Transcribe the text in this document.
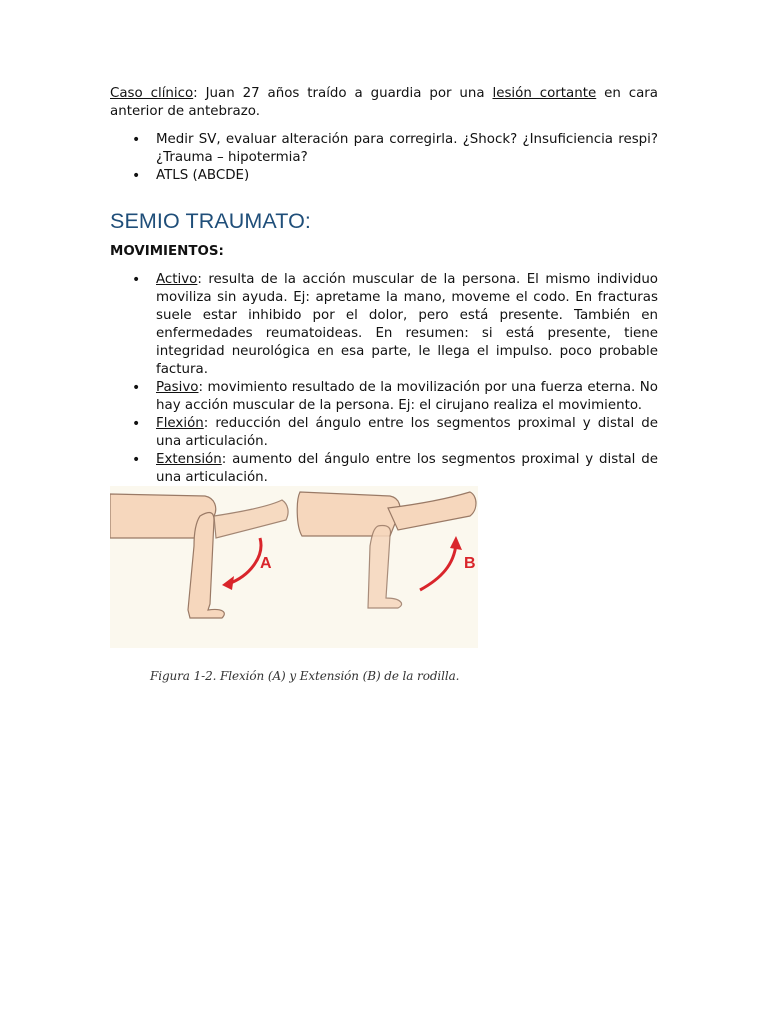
Caso clínico: Juan 27 años traído a guardia por una lesión cortante en cara anterior de antebrazo.

• Medir SV, evaluar alteración para corregirla. ¿Shock? ¿Insuficiencia respi? ¿Trauma – hipotermia?
• ATLS (ABCDE)
SEMIO TRAUMATO:
MOVIMIENTOS:
• Activo: resulta de la acción muscular de la persona. El mismo individuo moviliza sin ayuda. Ej: apretame la mano, moveme el codo. En fracturas suele estar inhibido por el dolor, pero está presente. También en enfermedades reumatoideas. En resumen: si está presente, tiene integridad neurológica en esa parte, le llega el impulso. poco probable factura.
• Pasivo: movimiento resultado de la movilización por una fuerza eterna. No hay acción muscular de la persona. Ej: el cirujano realiza el movimiento.
• Flexión: reducción del ángulo entre los segmentos proximal y distal de una articulación.
• Extensión: aumento del ángulo entre los segmentos proximal y distal de una articulación.
A	B
Figura 1-2. Flexión (A) y Extensión (B) de la rodilla.
